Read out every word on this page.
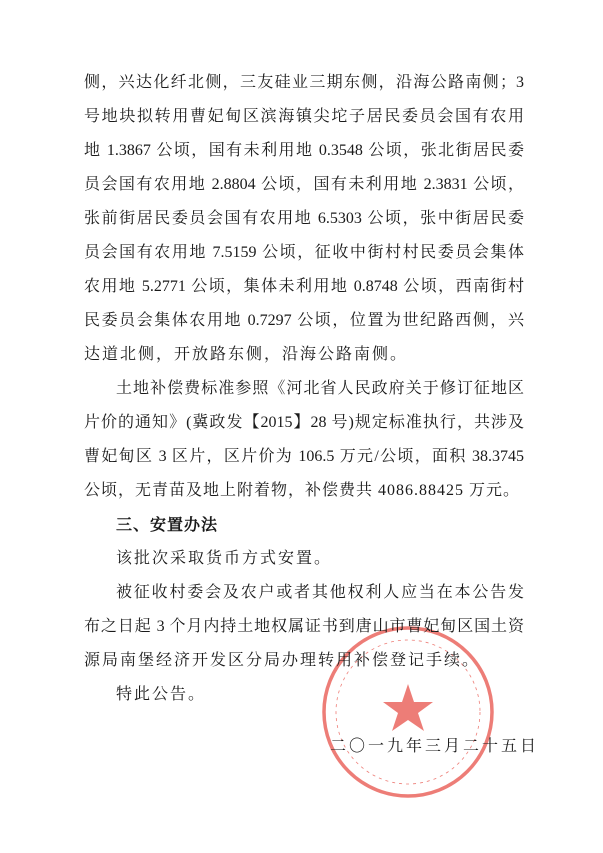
侧，兴达化纤北侧，三友硅业三期东侧，沿海公路南侧；3
号地块拟转用曹妃甸区滨海镇尖坨子居民委员会国有农用
地 1.3867 公顷，国有未利用地 0.3548 公顷，张北街居民委
员会国有农用地 2.8804 公顷，国有未利用地 2.3831 公顷，
张前街居民委员会国有农用地 6.5303 公顷，张中街居民委
员会国有农用地 7.5159 公顷，征收中街村村民委员会集体
农用地 5.2771 公顷，集体未利用地 0.8748 公顷，西南街村
民委员会集体农用地 0.7297 公顷，位置为世纪路西侧，兴
达道北侧，开放路东侧，沿海公路南侧。
土地补偿费标准参照《河北省人民政府关于修订征地区
片价的通知》(冀政发【2015】28 号)规定标准执行，共涉及
曹妃甸区 3 区片，区片价为 106.5 万元/公顷，面积 38.3745
公顷，无青苗及地上附着物，补偿费共 4086.88425 万元。
三、安置办法
该批次采取货币方式安置。
被征收村委会及农户或者其他权利人应当在本公告发
布之日起 3 个月内持土地权属证书到唐山市曹妃甸区国土资
源局南堡经济开发区分局办理转用补偿登记手续。
特此公告。
二〇一九年三月二十五日
